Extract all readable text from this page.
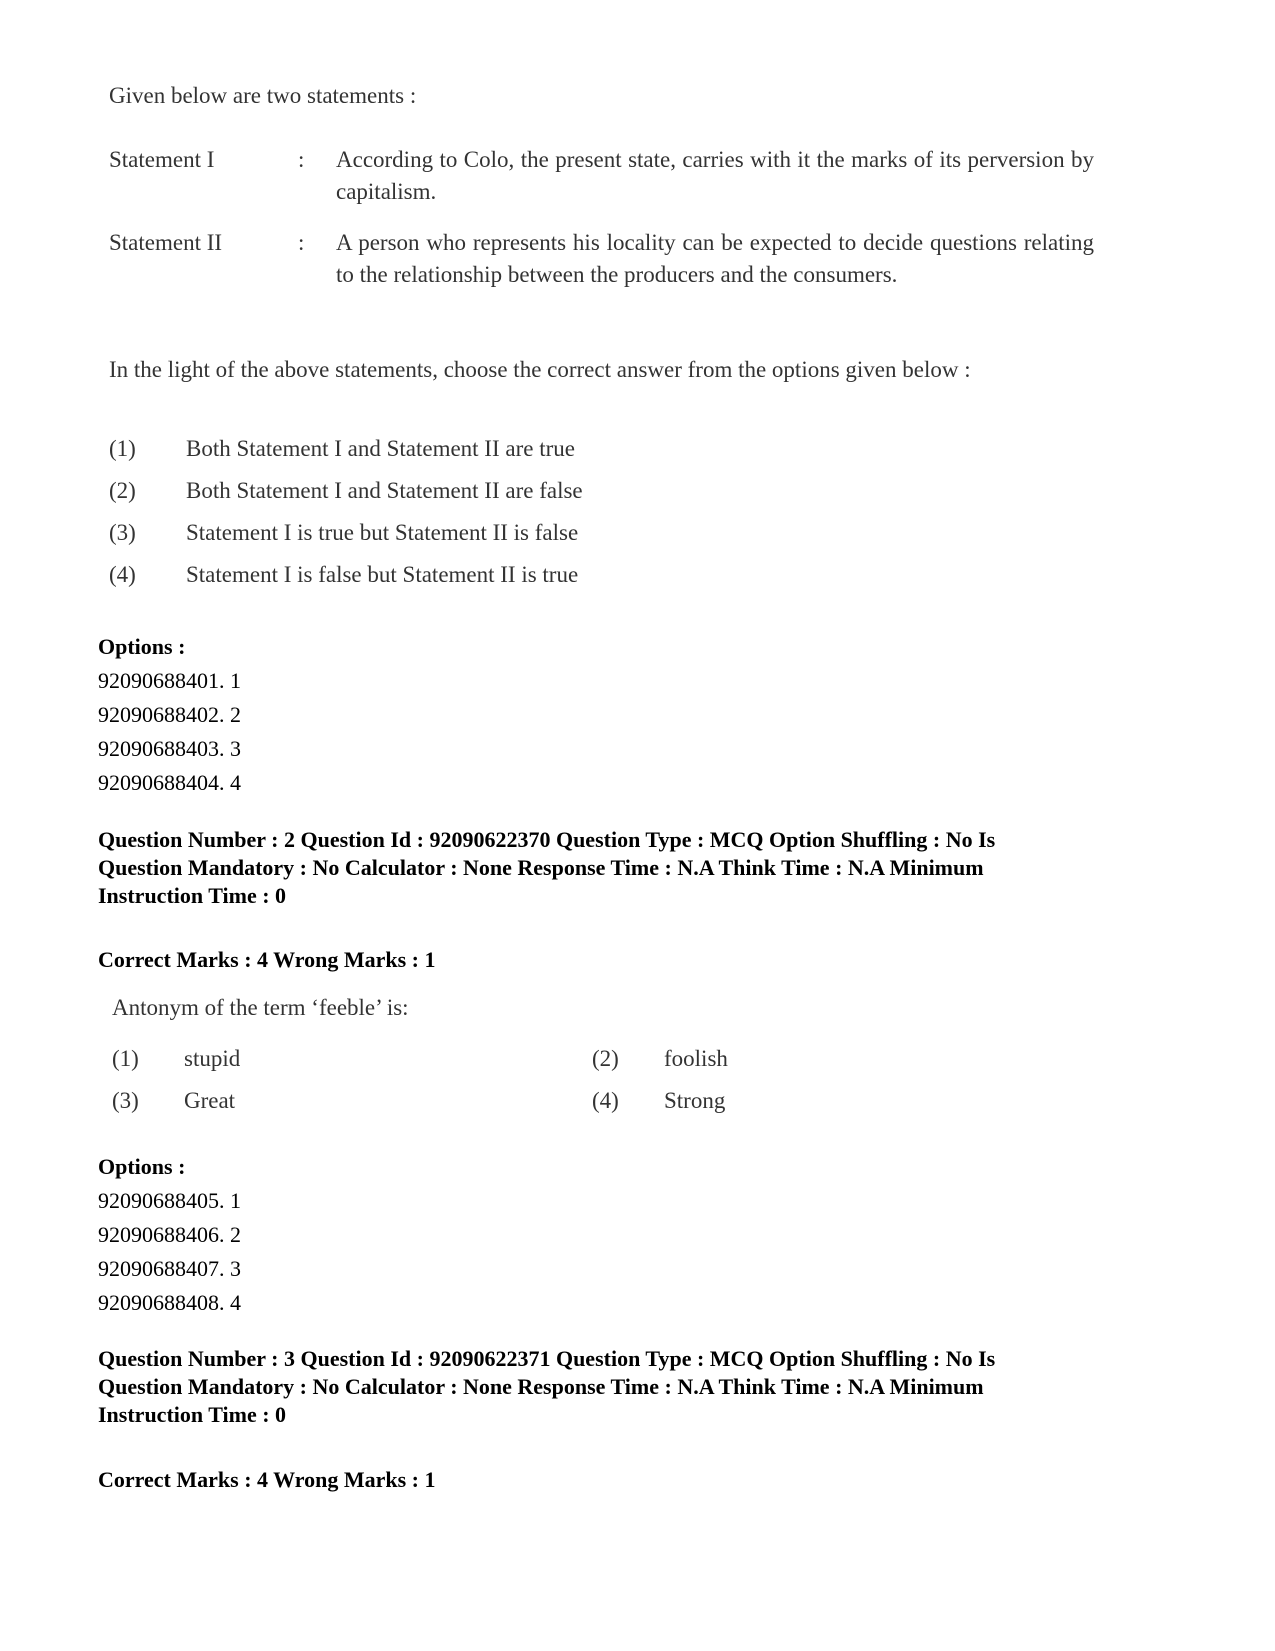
Given below are two statements :
Statement I	: According to Colo, the present state, carries with it the marks of its perversion by capitalism.
Statement II	: A person who represents his locality can be expected to decide questions relating to the relationship between the producers and the consumers.
In the light of the above statements, choose the correct answer from the options given below :
(1) Both Statement I and Statement II are true
(2) Both Statement I and Statement II are false
(3) Statement I is true but Statement II is false
(4) Statement I is false but Statement II is true
Options :
92090688401. 1
92090688402. 2
92090688403. 3
92090688404. 4
Question Number : 2 Question Id : 92090622370 Question Type : MCQ Option Shuffling : No Is
Question Mandatory : No Calculator : None Response Time : N.A Think Time : N.A Minimum
Instruction Time : 0
Correct Marks : 4 Wrong Marks : 1
Antonym of the term ‘feeble’ is:
(1) stupid	(2) foolish
(3) Great	(4) Strong
Options :
92090688405. 1
92090688406. 2
92090688407. 3
92090688408. 4
Question Number : 3 Question Id : 92090622371 Question Type : MCQ Option Shuffling : No Is
Question Mandatory : No Calculator : None Response Time : N.A Think Time : N.A Minimum
Instruction Time : 0
Correct Marks : 4 Wrong Marks : 1
